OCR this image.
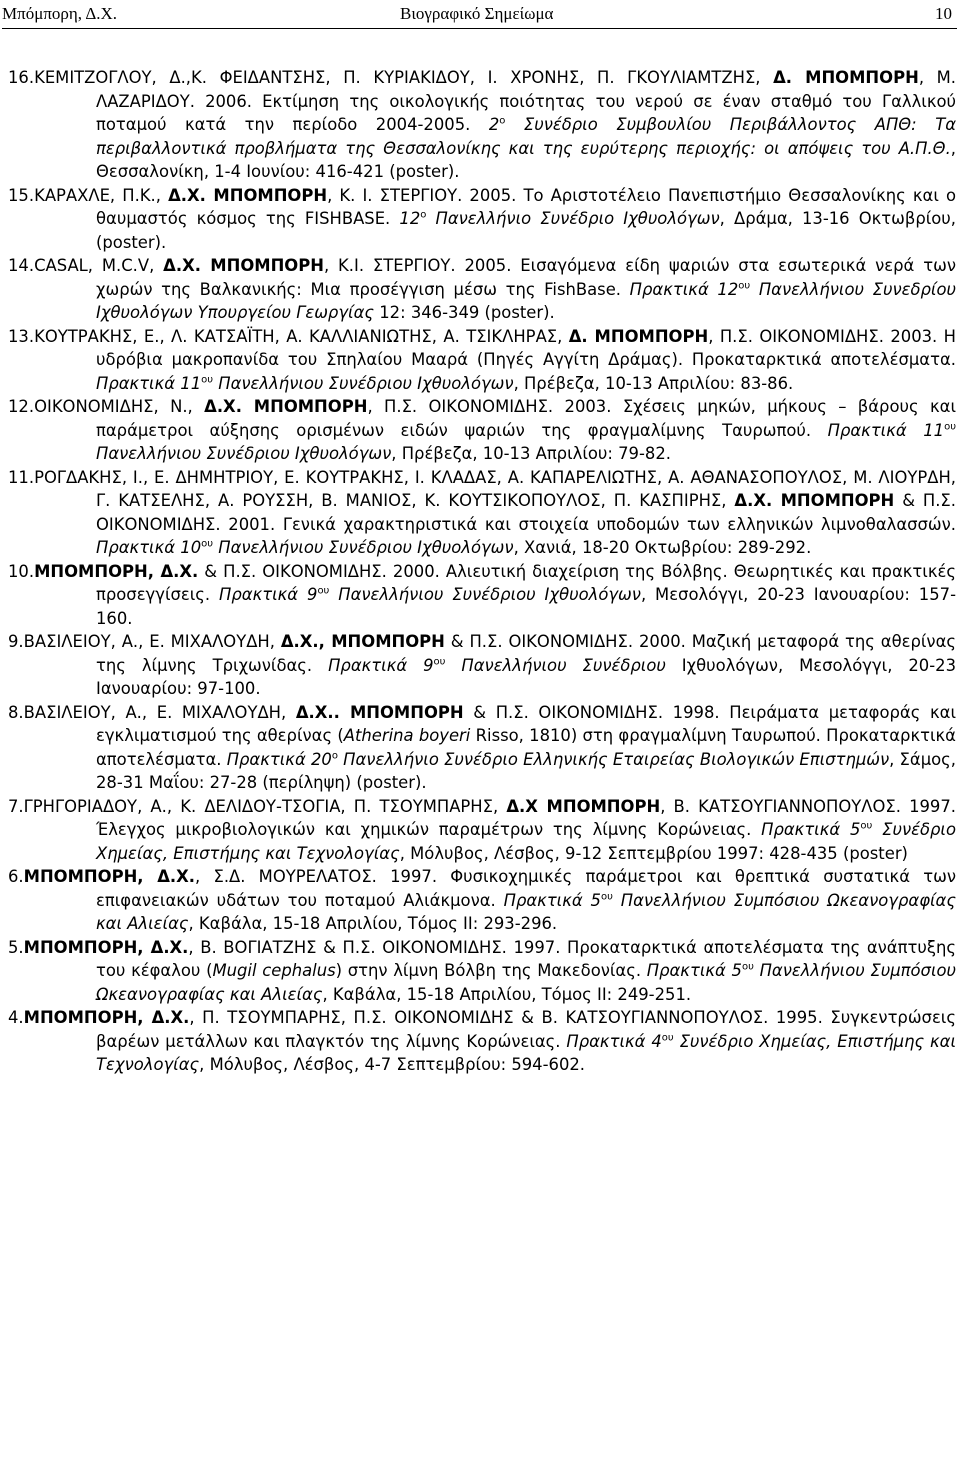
Μπόμπορη, Δ.Χ.	Βιογραφικό Σημείωμα	10

16.ΚΕΜΙΤΖΟΓΛΟΥ, Δ.,Κ. ΦΕΙΔΑΝΤΣΗΣ, Π. ΚΥΡΙΑΚΙΔΟΥ, Ι. ΧΡΟΝΗΣ, Π. ΓΚΟΥΛΙΑΜΤΖΗΣ, Δ. ΜΠΟΜΠΟΡΗ, Μ. ΛΑΖΑΡΙΔΟΥ. 2006. Εκτίμηση της οικολογικής ποιότητας του νερού σε έναν σταθμό του Γαλλικού ποταμού κατά την περίοδο 2004-2005. $2^o$ Συνέδριο Συμβουλίου Περιβάλλοντος ΑΠΘ: Τα περιβαλλοντικά προβλήματα της Θεσσαλονίκης και της ευρύτερης περιοχής: οι απόψεις του Α.Π.Θ., Θεσσαλονίκη, 1-4 Ιουνίου: 416-421 (poster).

15.ΚΑΡΑΧΛΕ, Π.Κ., Δ.Χ. ΜΠΟΜΠΟΡΗ, Κ. Ι. ΣΤΕΡΓΙΟΥ. 2005. Το Αριστοτέλειο Πανεπιστήμιο Θεσσαλονίκης και ο θαυμαστός κόσμος της FISHBASE. $12^o$ Πανελλήνιο Συνέδριο Ιχθυολόγων, Δράμα, 13-16 Οκτωβρίου, (poster).

14.CASAL, M.C.V, Δ.Χ. ΜΠΟΜΠΟΡΗ, Κ.Ι. ΣΤΕΡΓΙΟΥ. 2005. Εισαγόμενα είδη ψαριών στα εσωτερικά νερά των χωρών της Βαλκανικής: Μια προσέγγιση μέσω της FishBase. Πρακτικά $12^{o\upsilon}$ Πανελλήνιου Συνεδρίου Ιχθυολόγων Υπουργείου Γεωργίας 12: 346-349 (poster).

13.ΚΟΥΤΡΑΚΗΣ, Ε., Λ. ΚΑΤΣΑΪΤΗ, Α. ΚΑΛΛΙΑΝΙΩΤΗΣ, Α. ΤΣΙΚΛΗΡΑΣ, Δ. ΜΠΟΜΠΟΡΗ, Π.Σ. ΟΙΚΟΝΟΜΙΔΗΣ. 2003. Η υδρόβια μακροπανίδα του Σπηλαίου Μααρά (Πηγές Αγγίτη Δράμας). Προκαταρκτικά αποτελέσματα. Πρακτικά $11^{o\upsilon}$ Πανελλήνιου Συνέδριου Ιχθυολόγων, Πρέβεζα, 10-13 Απριλίου: 83-86.

12.ΟΙΚΟΝΟΜΙΔΗΣ, Ν., Δ.Χ. ΜΠΟΜΠΟΡΗ, Π.Σ. ΟΙΚΟΝΟΜΙΔΗΣ. 2003. Σχέσεις μηκών, μήκους – βάρους και παράμετροι αύξησης ορισμένων ειδών ψαριών της φραγμαλίμνης Ταυρωπού. Πρακτικά $11^{o\upsilon}$ Πανελλήνιου Συνέδριου Ιχθυολόγων, Πρέβεζα, 10-13 Απριλίου: 79-82.

11.ΡΟΓΔΑΚΗΣ, Ι., Ε. ΔΗΜΗΤΡΙΟΥ, Ε. ΚΟΥΤΡΑΚΗΣ, Ι. ΚΛΑΔΑΣ, Α. ΚΑΠΑΡΕΛΙΩΤΗΣ, Α. ΑΘΑΝΑΣΟΠΟΥΛΟΣ, Μ. ΛΙΟΥΡΔΗ, Γ. ΚΑΤΣΕΛΗΣ, Α. ΡΟΥΣΣΗ, Β. ΜΑΝΙΟΣ, Κ. ΚΟΥΤΣΙΚΟΠΟΥΛΟΣ, Π. ΚΑΣΠΙΡΗΣ, Δ.Χ. ΜΠΟΜΠΟΡΗ & Π.Σ. ΟΙΚΟΝΟΜΙΔΗΣ. 2001. Γενικά χαρακτηριστικά και στοιχεία υποδομών των ελληνικών λιμνοθαλασσών. Πρακτικά $10^{o\upsilon}$ Πανελλήνιου Συνέδριου Ιχθυολόγων, Χανιά, 18-20 Οκτωβρίου: 289-292.

10.ΜΠΟΜΠΟΡΗ, Δ.Χ. & Π.Σ. ΟΙΚΟΝΟΜΙΔΗΣ. 2000. Αλιευτική διαχείριση της Βόλβης. Θεωρητικές και πρακτικές προσεγγίσεις. Πρακτικά $9^{o\upsilon}$ Πανελλήνιου Συνέδριου Ιχθυολόγων, Μεσολόγγι, 20-23 Ιανουαρίου: 157-160.

9.ΒΑΣΙΛΕΙΟΥ, Α., Ε. ΜΙΧΑΛΟΥΔΗ, Δ.Χ., ΜΠΟΜΠΟΡΗ & Π.Σ. ΟΙΚΟΝΟΜΙΔΗΣ. 2000. Μαζική μεταφορά της αθερίνας της λίμνης Τριχωνίδας. Πρακτικά $9^{o\upsilon}$ Πανελλήνιου Συνέδριου Ιχθυολόγων, Μεσολόγγι, 20-23 Ιανουαρίου: 97-100.

8.ΒΑΣΙΛΕΙΟΥ, Α., Ε. ΜΙΧΑΛΟΥΔΗ, Δ.Χ.. ΜΠΟΜΠΟΡΗ & Π.Σ. ΟΙΚΟΝΟΜΙΔΗΣ. 1998. Πειράματα μεταφοράς και εγκλιματισμού της αθερίνας (Atherina boyeri Risso, 1810) στη φραγμαλίμνη Ταυρωπού. Προκαταρκτικά αποτελέσματα. Πρακτικά $20^o$ Πανελλήνιο Συνέδριο Ελληνικής Εταιρείας Βιολογικών Επιστημών, Σάμος, 28-31 Μαΐου: 27-28 (περίληψη) (poster).

7.ΓΡΗΓΟΡΙΑΔΟΥ, Α., Κ. ΔΕΛΙΔΟΥ-ΤΣΟΓΙΑ, Π. ΤΣΟΥΜΠΑΡΗΣ, Δ.Χ ΜΠΟΜΠΟΡΗ, Β. ΚΑΤΣΟΥΓΙΑΝΝΟΠΟΥΛΟΣ. 1997. Έλεγχος μικροβιολογικών και χημικών παραμέτρων της λίμνης Κορώνειας. Πρακτικά $5^{o\upsilon}$ Συνέδριο Χημείας, Επιστήμης και Τεχνολογίας, Μόλυβος, Λέσβος, 9-12 Σεπτεμβρίου 1997: 428-435 (poster)

6.ΜΠΟΜΠΟΡΗ, Δ.Χ., Σ.Δ. ΜΟΥΡΕΛΑΤΟΣ. 1997. Φυσικοχημικές παράμετροι και θρεπτικά συστατικά των επιφανειακών υδάτων του ποταμού Αλιάκμονα. Πρακτικά $5^{o\upsilon}$ Πανελλήνιου Συμπόσιου Ωκεανογραφίας και Αλιείας, Καβάλα, 15-18 Απριλίου, Τόμος ΙΙ: 293-296.

5.ΜΠΟΜΠΟΡΗ, Δ.Χ., Β. ΒΟΓΙΑΤΖΗΣ & Π.Σ. ΟΙΚΟΝΟΜΙΔΗΣ. 1997. Προκαταρκτικά αποτελέσματα της ανάπτυξης του κέφαλου (Mugil cephalus) στην λίμνη Βόλβη της Μακεδονίας. Πρακτικά $5^{o\upsilon}$ Πανελλήνιου Συμπόσιου Ωκεανογραφίας και Αλιείας, Καβάλα, 15-18 Απριλίου, Τόμος ΙΙ: 249-251.

4.ΜΠΟΜΠΟΡΗ, Δ.Χ., Π. ΤΣΟΥΜΠΑΡΗΣ, Π.Σ. ΟΙΚΟΝΟΜΙΔΗΣ & Β. ΚΑΤΣΟΥΓΙΑΝΝΟΠΟΥΛΟΣ. 1995. Συγκεντρώσεις βαρέων μετάλλων και πλαγκτόν της λίμνης Κορώνειας. Πρακτικά $4^{o\upsilon}$ Συνέδριο Χημείας, Επιστήμης και Τεχνολογίας, Μόλυβος, Λέσβος, 4-7 Σεπτεμβρίου: 594-602.
